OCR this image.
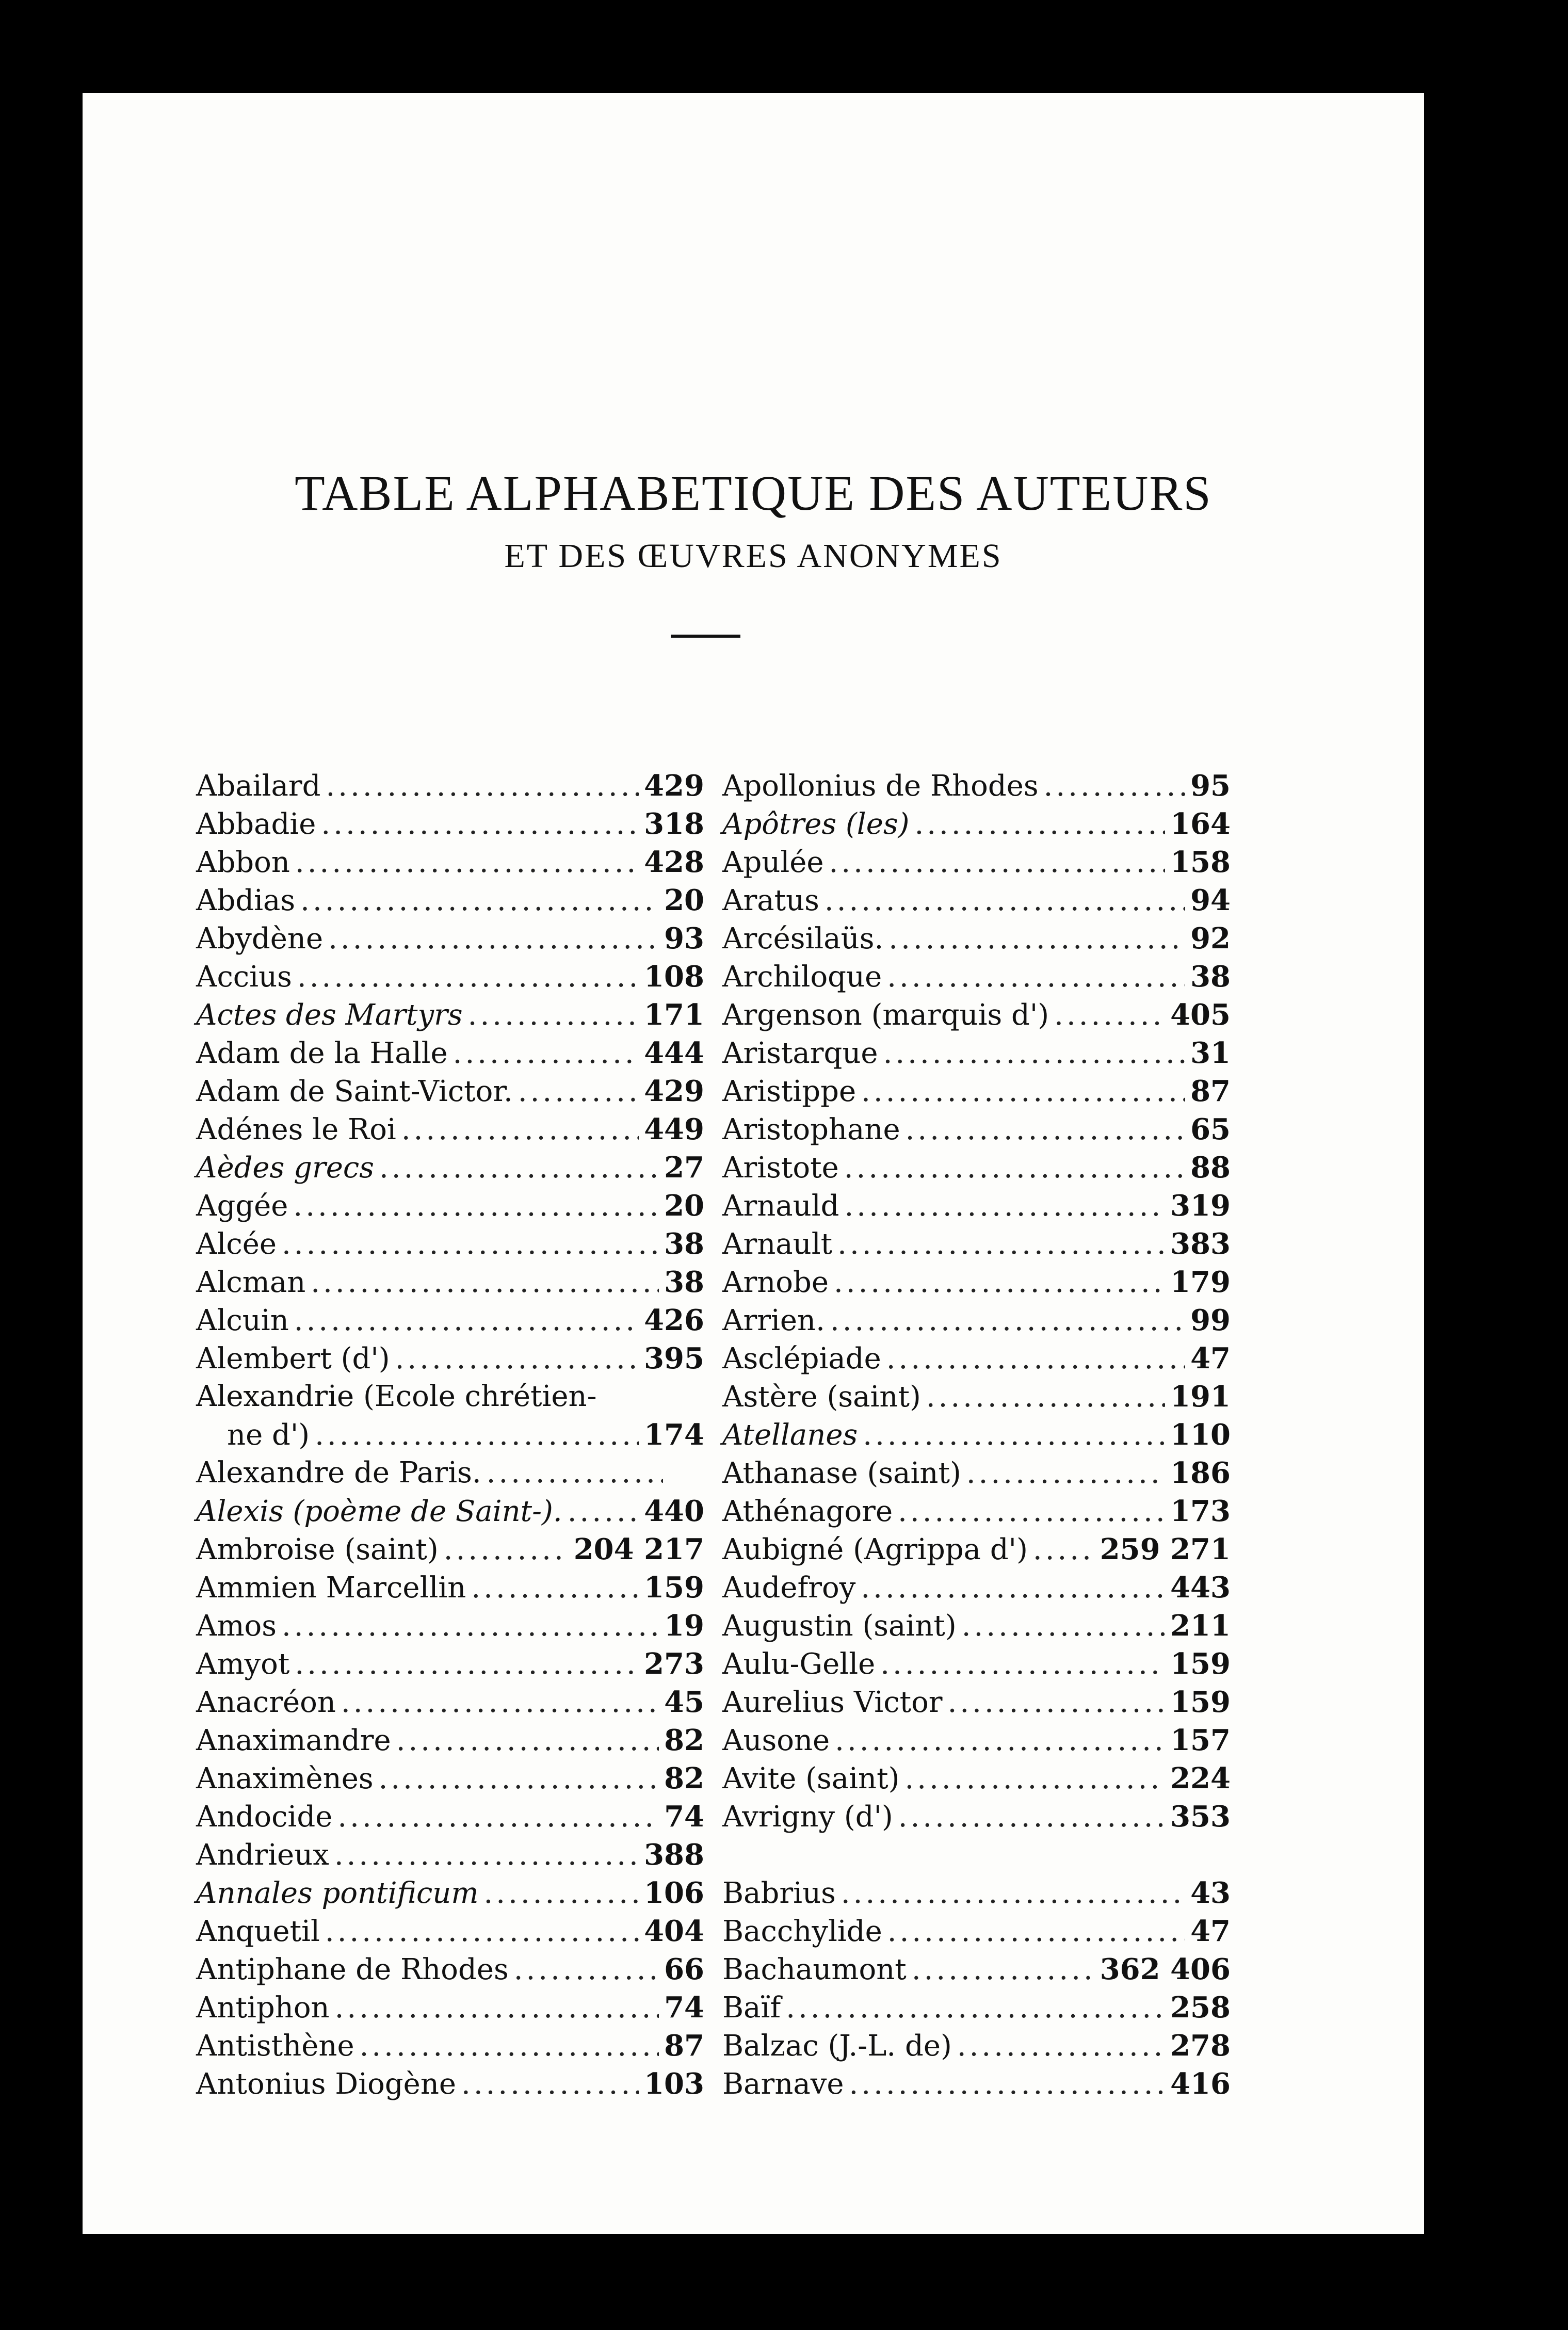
TABLE ALPHABETIQUE DES AUTEURS
ET DES ŒUVRES ANONYMES
Abailard .....	429
Abbadie .....	318
Abbon .....	428
Abdias .....	20
Abydène .....	93
Accius .....	108
Actes des Martyrs .....	171
Adam de la Halle .....	444
Adam de Saint-Victor. .....	429
Adénes le Roi .....	449
Aèdes grecs .....	27
Aggée .....	20
Alcée .....	38
Alcman .....	38
Alcuin .....	426
Alembert (d') .....	395
Alexandrie (Ecole chrétien-
ne d') .....	174
Alexandre de Paris.
.....
Alexis (poème de Saint-). .....	440
Ambroise (saint) .....	204 217
Ammien Marcellin .....	159
Amos .....	19
Amyot .....	273
Anacréon .....	45
Anaximandre .....	82
Anaximènes .....	82
Andocide .....	74
Andrieux .....	388
Annales pontificum .....	106
Anquetil .....	404
Antiphane de Rhodes .....	66
Antiphon .....	74
Antisthène .....	87
Antonius Diogène .....	103
Apollonius de Rhodes .....	95
Apôtres (les) .....	164
Apulée .....	158
Aratus .....	94
Arcésilaüs. .....	92
Archiloque .....	38
Argenson (marquis d') .....	405
Aristarque .....	31
Aristippe .....	87
Aristophane .....	65
Aristote .....	88
Arnauld .....	319
Arnault .....	383
Arnobe .....	179
Arrien. .....	99
Asclépiade .....	47
Astère (saint) .....	191
Atellanes .....	110
Athanase (saint) .....	186
Athénagore .....	173
Aubigné (Agrippa d') ..... 259 271
Audefroy .....	443
Augustin (saint) .....	211
Aulu-Gelle .....	159
Aurelius Victor .....	159
Ausone .....	157
Avite (saint) .....	224
Avrigny (d') .....	353
Babrius .....	43
Bacchylide .....	47
Bachaumont .....	362 406
Baïf .....	258
Balzac (J.-L. de) .....	278
Barnave .....	416
